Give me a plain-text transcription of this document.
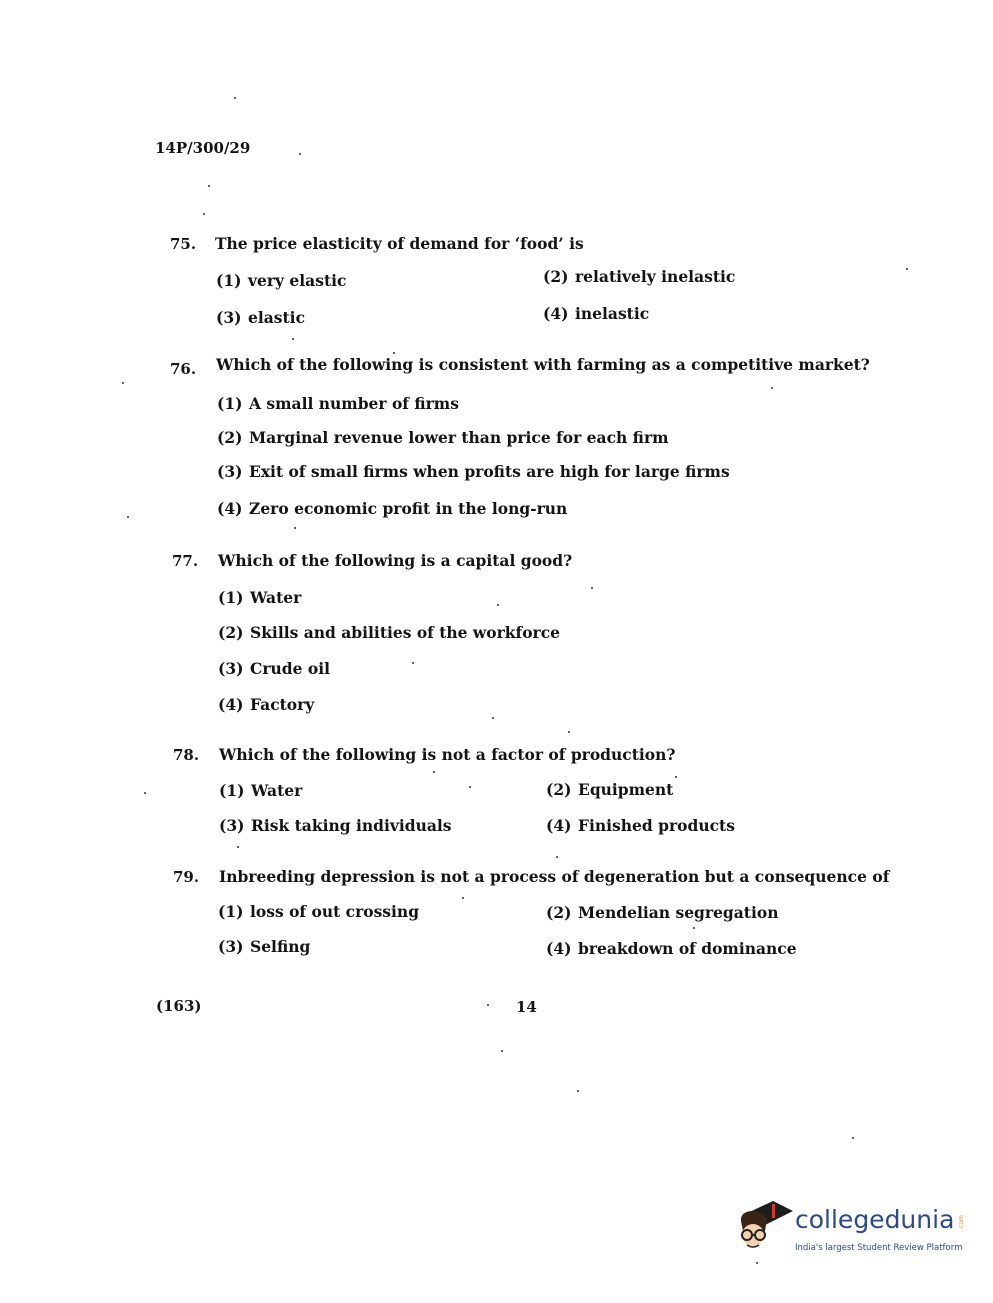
14P/300/29
75. The price elasticity of demand for ‘food’ is
(1) very elastic	(2) relatively inelastic
(3) elastic	(4) inelastic
76. Which of the following is consistent with farming as a competitive market?
(1) A small number of firms
(2) Marginal revenue lower than price for each firm
(3) Exit of small firms when profits are high for large firms
(4) Zero economic profit in the long-run
77. Which of the following is a capital good?
(1) Water
(2) Skills and abilities of the workforce
(3) Crude oil
(4) Factory
78. Which of the following is not a factor of production?
(1) Water	(2) Equipment
(3) Risk taking individuals	(4) Finished products
79. Inbreeding depression is not a process of degeneration but a consequence of
(1) loss of out crossing	(2) Mendelian segregation
(3) Selfing	(4) breakdown of dominance
(163)	14
collegedunia .com
India's largest Student Review Platform
